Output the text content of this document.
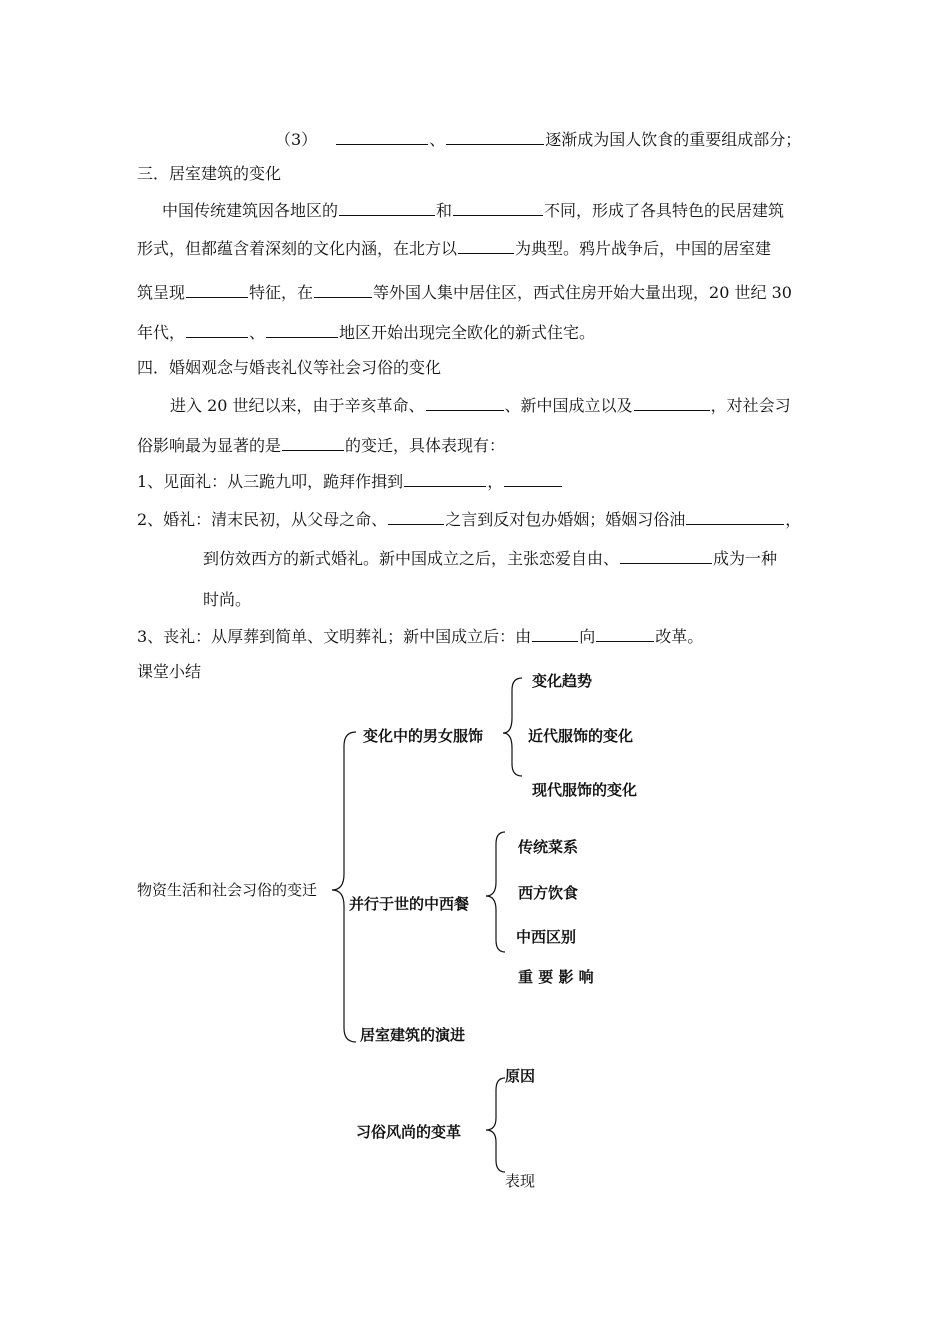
（3）	、	逐渐成为国人饮食的重要组成部分；
三．居室建筑的变化
中国传统建筑因各地区的	和	不同，形成了各具特色的民居建筑
形式，但都蕴含着深刻的文化内涵，在北方以	为典型。鸦片战争后，中国的居室建
筑呈现	特征，在	等外国人集中居住区，西式住房开始大量出现，20 世纪 30
年代，	、	地区开始出现完全欧化的新式住宅。
四．婚姻观念与婚丧礼仪等社会习俗的变化
进入 20 世纪以来，由于辛亥革命、	、新中国成立以及	，对社会习
俗影响最为显著的是	的变迁，具体表现有：
1、见面礼：从三跪九叩，跪拜作揖到	，
2、婚礼：清末民初，从父母之命、	之言到反对包办婚姻；婚姻习俗油	，
到仿效西方的新式婚礼。新中国成立之后，主张恋爱自由、	成为一种
时尚。
3、丧礼：从厚葬到简单、文明葬礼；新中国成立后：由	向	改革。
课堂小结
物资生活和社会习俗的变迁
变化中的男女服饰
变化趋势
近代服饰的变化
现代服饰的变化
并行于世的中西餐
传统菜系
西方饮食
中西区别
重 要 影 响
居室建筑的演进
习俗风尚的变革
原因
表现
